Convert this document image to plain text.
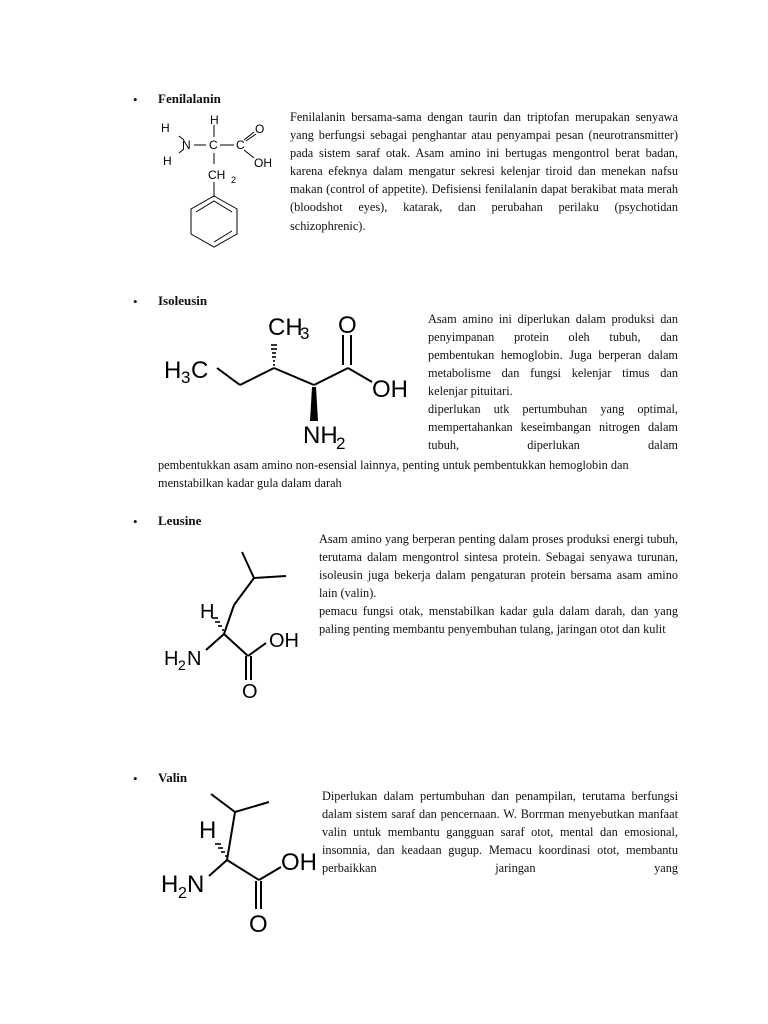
• Fenilalanin
H
H
N C C
O
H	OH
CH 2

Fenilalanin bersama-sama dengan taurin dan triptofan merupakan senyawa yang berfungsi sebagai penghantar atau penyampai pesan (neurotransmitter) pada sistem saraf otak. Asam amino ini bertugas mengontrol berat badan, karena efeknya dalam mengatur sekresi kelenjar tiroid dan menekan nafsu makan (control of appetite). Defisiensi fenilalanin dapat berakibat mata merah (bloodshot eyes), katarak, dan perubahan perilaku (psychotidan schizophrenic).

• Isoleusin
CH
3 O
H 3 C
OH
NH
2

Asam amino ini diperlukan dalam produksi dan penyimpanan protein oleh tubuh, dan pembentukan hemoglobin. Juga berperan dalam metabolisme dan fungsi kelenjar timus dan kelenjar pituitari.

diperlukan utk pertumbuhan yang optimal, mempertahankan keseimbangan nitrogen dalam tubuh, diperlukan dalam

pembentukkan asam amino non-esensial lainnya, penting untuk pembentukkan hemoglobin dan menstabilkan kadar gula dalam darah

• Leusine
H
H 2 N
OH
O

Asam amino yang berperan penting dalam proses produksi energi tubuh, terutama dalam mengontrol sintesa protein. Sebagai senyawa turunan, isoleusin juga bekerja dalam pengaturan protein bersama asam amino lain (valin).

pemacu fungsi otak, menstabilkan kadar gula dalam darah, dan yang paling penting membantu penyembuhan tulang, jaringan otot dan kulit

• Valin
H
H 2 N
OH
O

Diperlukan dalam pertumbuhan dan penampilan, terutama berfungsi dalam sistem saraf dan pencernaan. W. Borrman menyebutkan manfaat valin untuk membantu gangguan saraf otot, mental dan emosional, insomnia, dan keadaan gugup. Memacu koordinasi otot, membantu perbaikkan jaringan yang
